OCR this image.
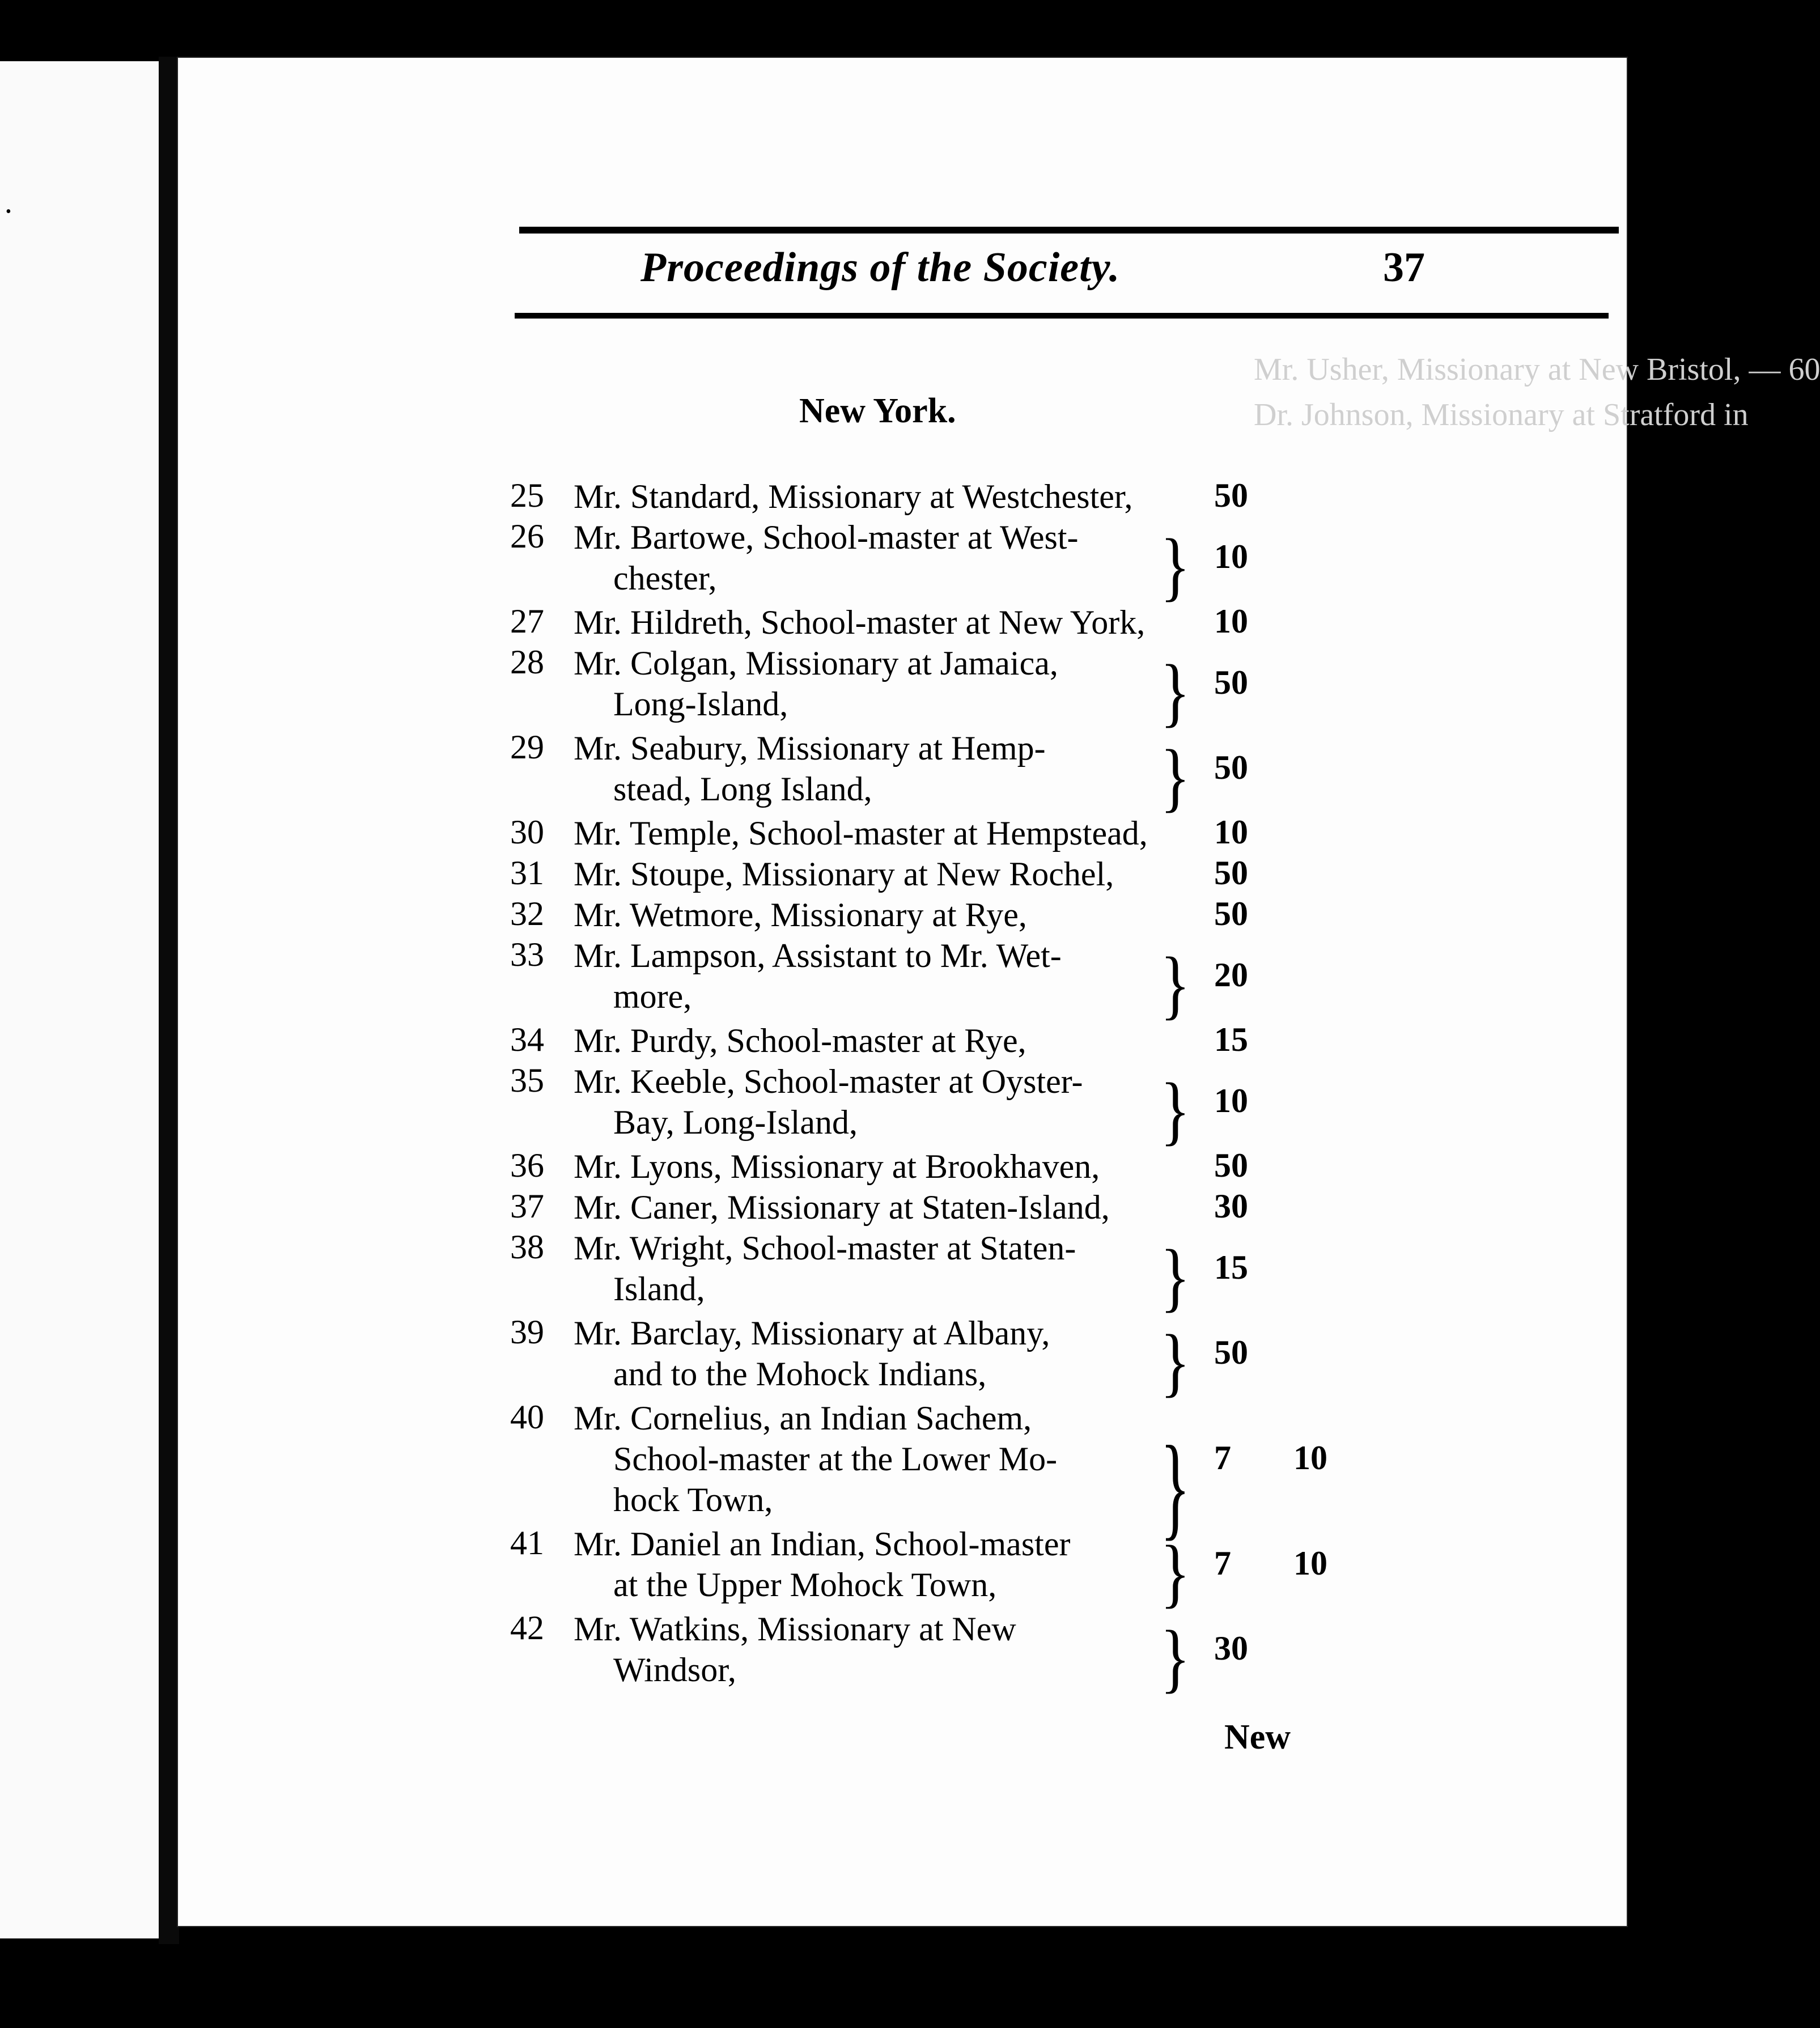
•
Mr. Usher, Missionary at New Bristol, — 60
Dr. Johnson, Missionary at Stratford in
Proceedings of the Society.	37
New York.
25 Mr. Standard, Missionary at Westchester, 50
26 Mr. Bartowe, School-master at West-
chester,	} 10
27 Mr. Hildreth, School-master at New York, 10
28 Mr. Colgan, Missionary at Jamaica,
Long-Island,	} 50
29 Mr. Seabury, Missionary at Hemp-
stead, Long Island,	} 50
30 Mr. Temple, School-master at Hempstead, 10
31 Mr. Stoupe, Missionary at New Rochel,	50
32 Mr. Wetmore, Missionary at Rye,	50
33 Mr. Lampson, Assistant to Mr. Wet-
more,	} 20
34 Mr. Purdy, School-master at Rye,	15
35 Mr. Keeble, School-master at Oyster-
Bay, Long-Island,	} 10
36 Mr. Lyons, Missionary at Brookhaven,	50
37 Mr. Caner, Missionary at Staten-Island,	30
38 Mr. Wright, School-master at Staten-
Island,	} 15
39 Mr. Barclay, Missionary at Albany,
and to the Mohock Indians,	} 50
40 Mr. Cornelius, an Indian Sachem,
School-master at the Lower Mo-
hock Town,	} 7 10
41 Mr. Daniel an Indian, School-master
at the Upper Mohock Town,	} 7 10
42 Mr. Watkins, Missionary at New
Windsor,	} 30
New
